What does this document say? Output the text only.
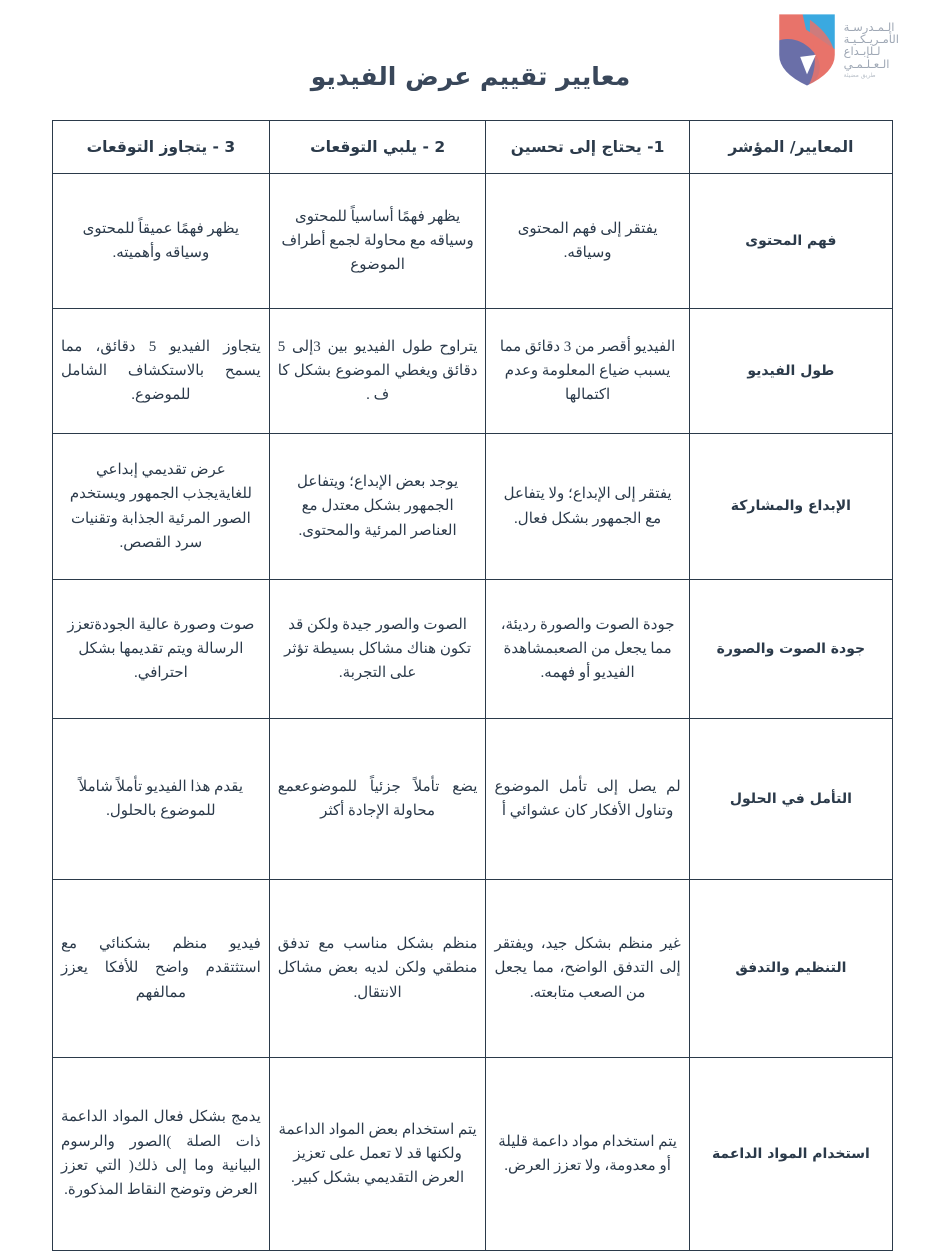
الـمـدرسـة
الأمـريـكـيـة
لـلإبـداع
الـعـلـمـي
طريق مضيئة
معايير تقييم عرض الفيديو
المعايير/ المؤشر	1- يحتاج إلى تحسين	2 - يلبي التوقعات	3 - يتجاوز التوقعات
فهم المحتوى	يفتقر إلى فهم المحتوى وسياقه.	يظهر فهمًا أساسياً للمحتوى وسياقه مع محاولة لجمع أطراف الموضوع	يظهر فهمًا عميقاً للمحتوى وسياقه وأهميته.
طول الفيديو	الفيديو أقصر من 3 دقائق مما يسبب ضياع المعلومة وعدم اكتمالها	يتراوح طول الفيديو بين 3إلى 5 دقائق ويغطي الموضوع بشكل كا ف .	يتجاوز الفيديو 5 دقائق، مما يسمح بالاستكشاف الشامل للموضوع.
الإبداع والمشاركة	يفتقر إلى الإبداع؛ ولا يتفاعل مع الجمهور بشكل فعال.	يوجد بعض الإبداع؛ ويتفاعل الجمهور بشكل معتدل مع العناصر المرئية والمحتوى.	عرض تقديمي إبداعي للغايةيجذب الجمهور ويستخدم الصور المرئية الجذابة وتقنيات سرد القصص.
جودة الصوت والصورة	جودة الصوت والصورة رديئة، مما يجعل من الصعبمشاهدة الفيديو أو فهمه.	الصوت والصور جيدة ولكن قد تكون هناك مشاكل بسيطة تؤثر على التجربة.	صوت وصورة عالية الجودةتعزز الرسالة ويتم تقديمها بشكل احترافي.
التأمل في الحلول	لم يصل إلى تأمل الموضوع وتناول الأفكار كان عشوائي أ	يضع تأملاً جزئياً للموضوععمع محاولة الإجادة أكثر	يقدم هذا الفيديو تأملاً شاملاً للموضوع بالحلول.
التنظيم والتدفق	غير منظم بشكل جيد، ويفتقر إلى التدفق الواضح، مما يجعل من الصعب متابعته.	منظم بشكل مناسب مع تدفق منطقي ولكن لديه بعض مشاكل الانتقال.	فيديو منظم بشكنائي مع استثتقدم واضح للأفكا يعزز ممالفهم
استخدام المواد الداعمة	يتم استخدام مواد داعمة قليلة أو معدومة، ولا تعزز العرض.	يتم استخدام بعض المواد الداعمة ولكنها قد لا تعمل على تعزيز العرض التقديمي بشكل كبير.	يدمج بشكل فعال المواد الداعمة ذات الصلة )الصور والرسوم البيانية وما إلى ذلك( التي تعزز العرض وتوضح النقاط المذكورة.
